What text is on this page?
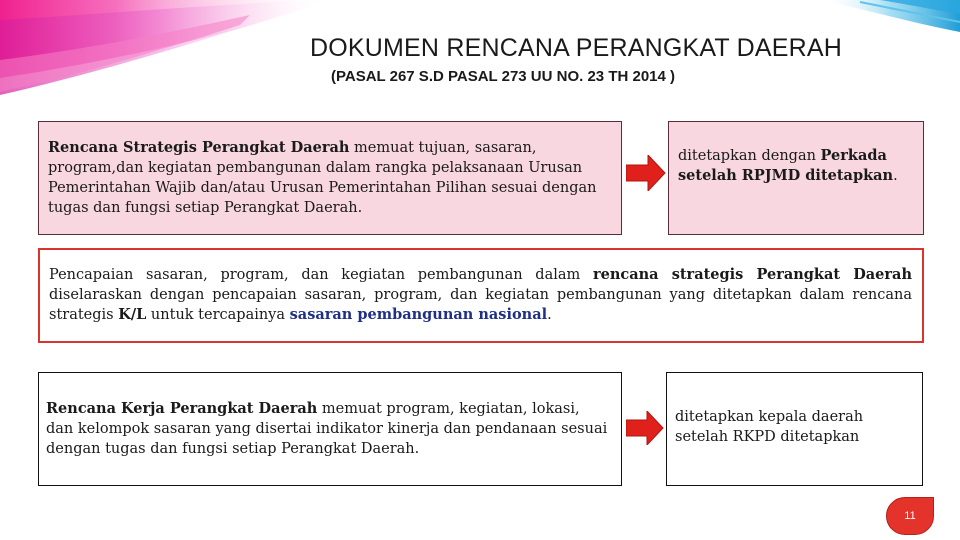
DOKUMEN RENCANA PERANGKAT DAERAH
(PASAL 267 S.D PASAL 273 UU NO. 23 TH 2014 )
Rencana Strategis Perangkat Daerah memuat tujuan, sasaran, program,dan kegiatan pembangunan dalam rangka pelaksanaan Urusan Pemerintahan Wajib dan/atau Urusan Pemerintahan Pilihan sesuai dengan tugas dan fungsi setiap Perangkat Daerah.
ditetapkan dengan Perkada setelah RPJMD ditetapkan.
Pencapaian sasaran, program, dan kegiatan pembangunan dalam rencana strategis Perangkat Daerah diselaraskan dengan pencapaian sasaran, program, dan kegiatan pembangunan yang ditetapkan dalam rencana strategis K/L untuk tercapainya sasaran pembangunan nasional.
Rencana Kerja Perangkat Daerah memuat program, kegiatan, lokasi, dan kelompok sasaran yang disertai indikator kinerja dan pendanaan sesuai dengan tugas dan fungsi setiap Perangkat Daerah.
ditetapkan kepala daerah setelah RKPD ditetapkan
11
